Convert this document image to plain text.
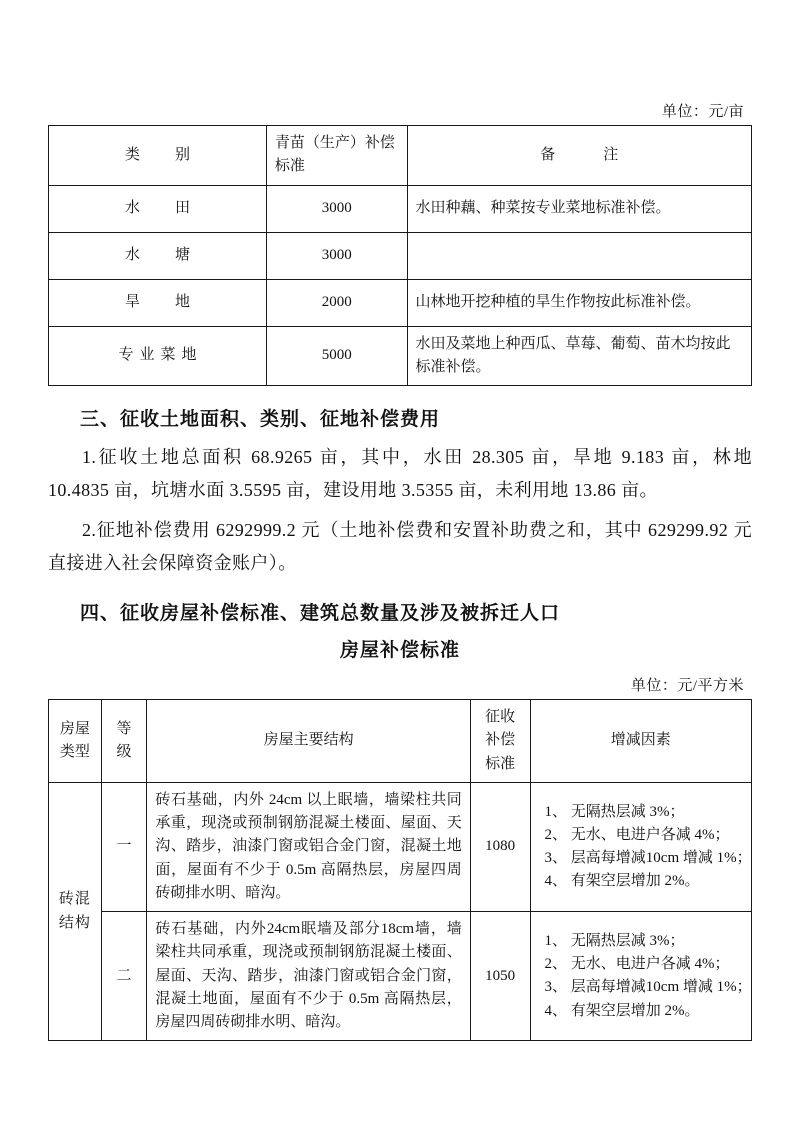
单位：元/亩
类　别	青苗（生产）补偿标准	备　　注
水　田	3000	水田种藕、种菜按专业菜地标准补偿。
水　塘	3000	
旱　地	2000	山林地开挖种植的旱生作物按此标准补偿。
专业菜地	5000	水田及菜地上种西瓜、草莓、葡萄、苗木均按此标准补偿。
三、征收土地面积、类别、征地补偿费用

1.征收土地总面积 68.9265 亩，其中，水田 28.305 亩，旱地 9.183 亩，林地 10.4835 亩，坑塘水面 3.5595 亩，建设用地 3.5355 亩，未利用地 13.86 亩。

2.征地补偿费用 6292999.2 元（土地补偿费和安置补助费之和，其中 629299.92 元直接进入社会保障资金账户）。

四、征收房屋补偿标准、建筑总数量及涉及被拆迁人口
房屋补偿标准
单位：元/平方米
房屋类型	等级	房屋主要结构	征收补偿标准	增减因素
砖混结构	一	砖石基础，内外 24cm 以上眠墙，墙梁柱共同承重，现浇或预制钢筋混凝土楼面、屋面、天沟、踏步，油漆门窗或铝合金门窗，混凝土地面，屋面有不少于 0.5m 高隔热层，房屋四周砖砌排水明、暗沟。	1080	1、 无隔热层减 3%；
2、 无水、电进户各减 4%；
3、 层高每增减10cm 增减 1%；
4、 有架空层增加 2%。

	二	砖石基础，内外24cm眠墙及部分18cm墙，墙梁柱共同承重，现浇或预制钢筋混凝土楼面、屋面、天沟、踏步，油漆门窗或铝合金门窗，混凝土地面，屋面有不少于 0.5m 高隔热层，房屋四周砖砌排水明、暗沟。	1050	1、 无隔热层减 3%；
2、 无水、电进户各减 4%；
3、 层高每增减10cm 增减 1%；
4、 有架空层增加 2%。
